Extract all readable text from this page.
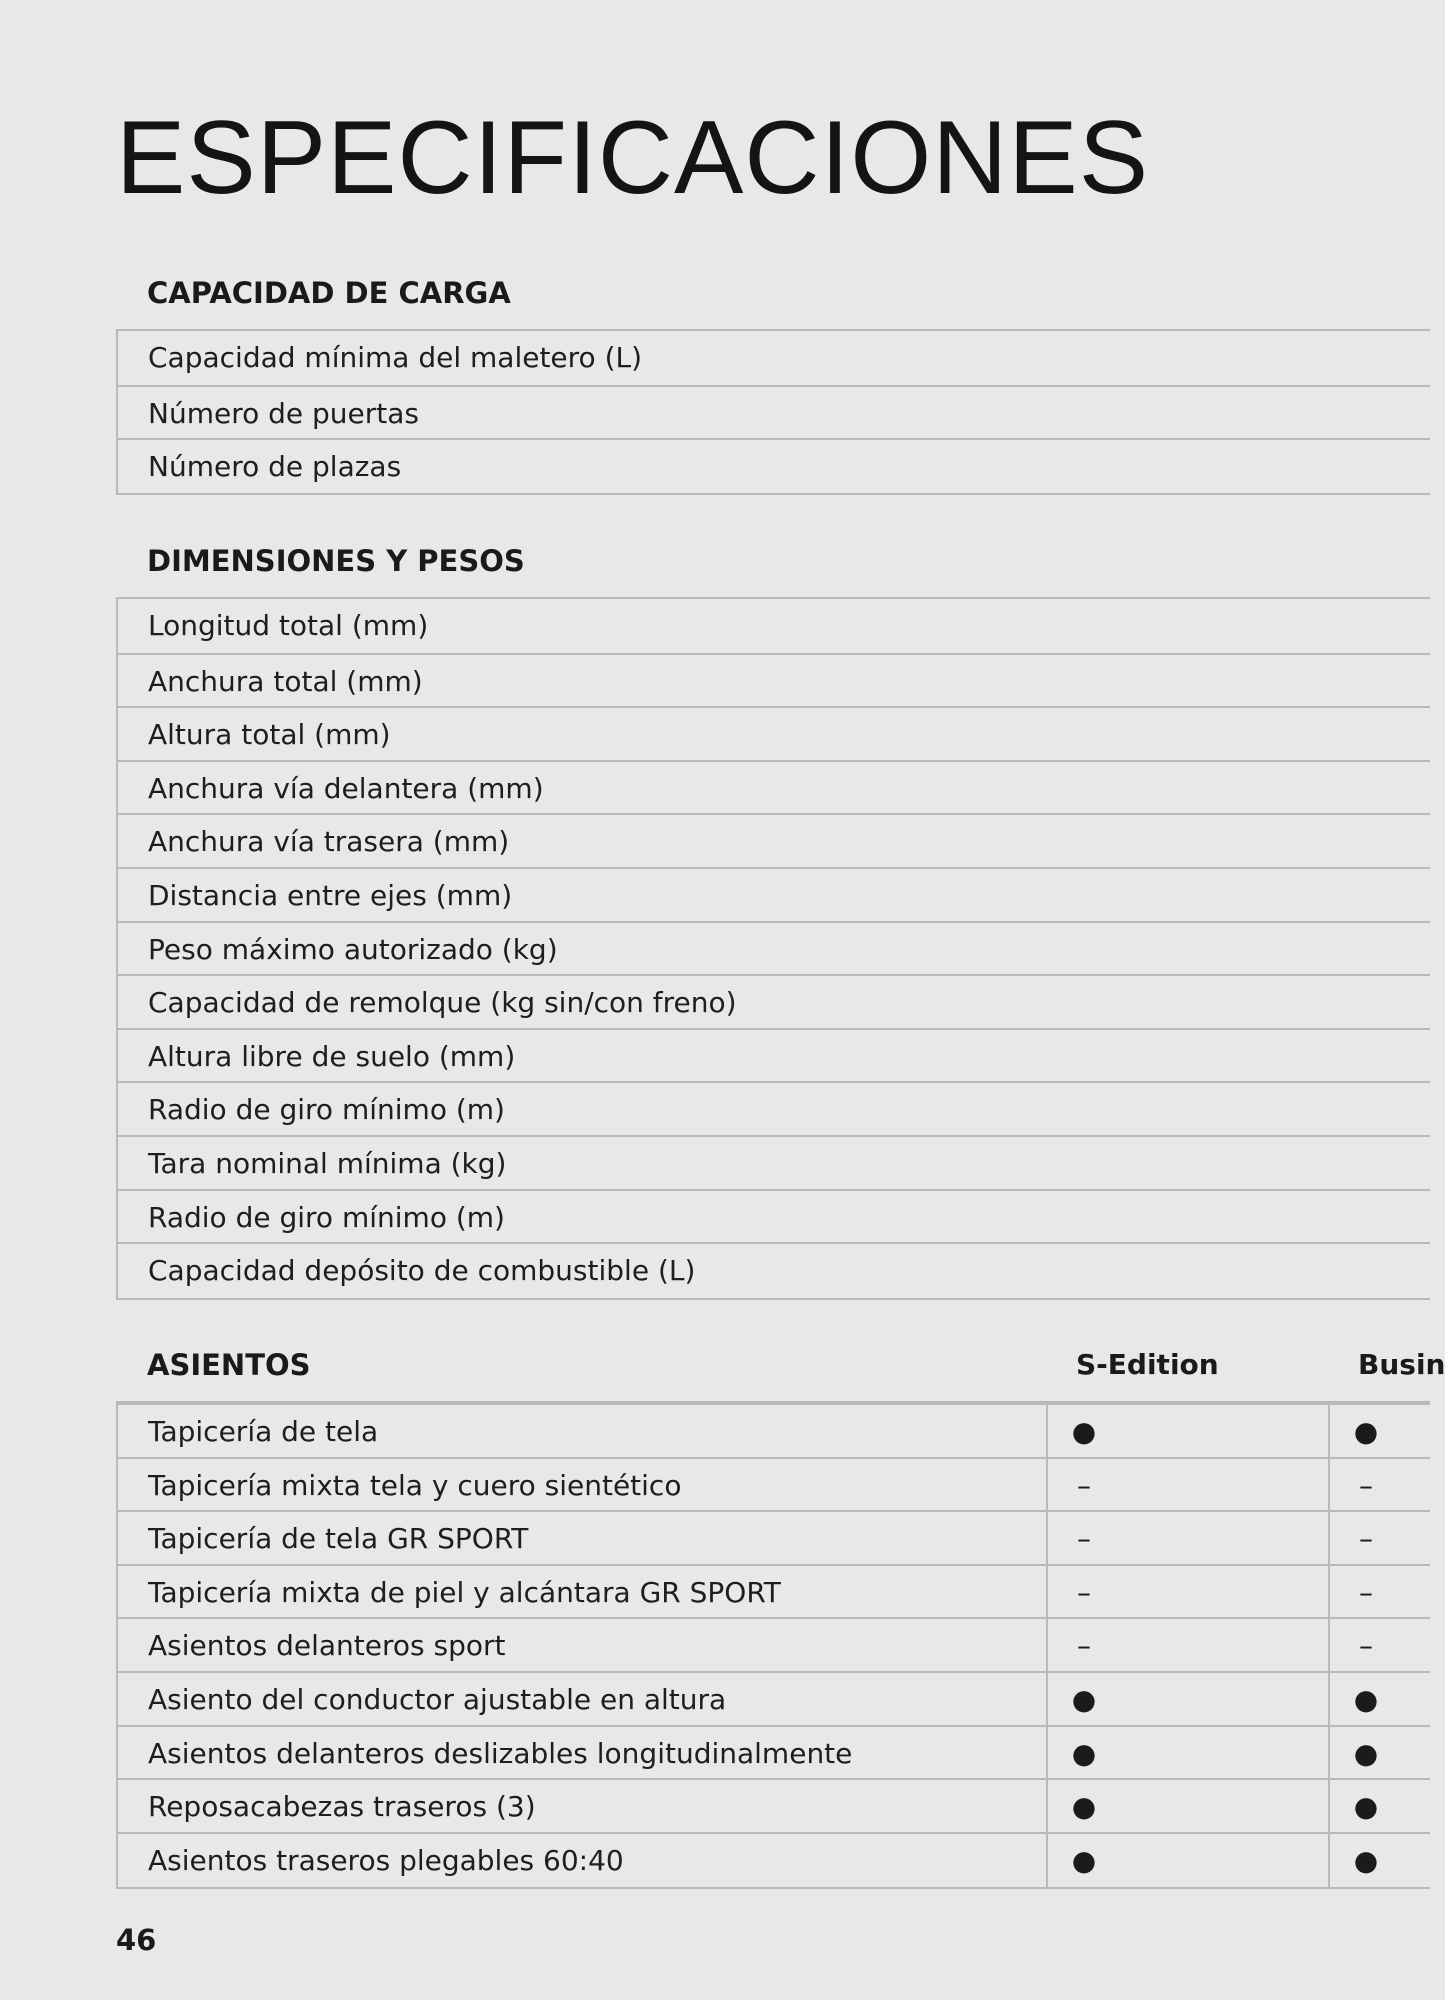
ESPECIFICACIONES
CAPACIDAD DE CARGA
Capacidad mínima del maletero (L)
Número de puertas
Número de plazas
DIMENSIONES Y PESOS
Longitud total (mm)
Anchura total (mm)
Altura total (mm)
Anchura vía delantera (mm)
Anchura vía trasera (mm)
Distancia entre ejes (mm)
Peso máximo autorizado (kg)
Capacidad de remolque (kg sin/con freno)
Altura libre de suelo (mm)
Radio de giro mínimo (m)
Tara nominal mínima (kg)
Radio de giro mínimo (m)
Capacidad depósito de combustible (L)
ASIENTOS	S-Edition	Busin
Tapicería de tela	●	●
Tapicería mixta tela y cuero sientético	–	–
Tapicería de tela GR SPORT	–	–
Tapicería mixta de piel y alcántara GR SPORT	–	–
Asientos delanteros sport	–	–
Asiento del conductor ajustable en altura	●	●
Asientos delanteros deslizables longitudinalmente	●	●
Reposacabezas traseros (3)	●	●
Asientos traseros plegables 60:40	●	●
46
